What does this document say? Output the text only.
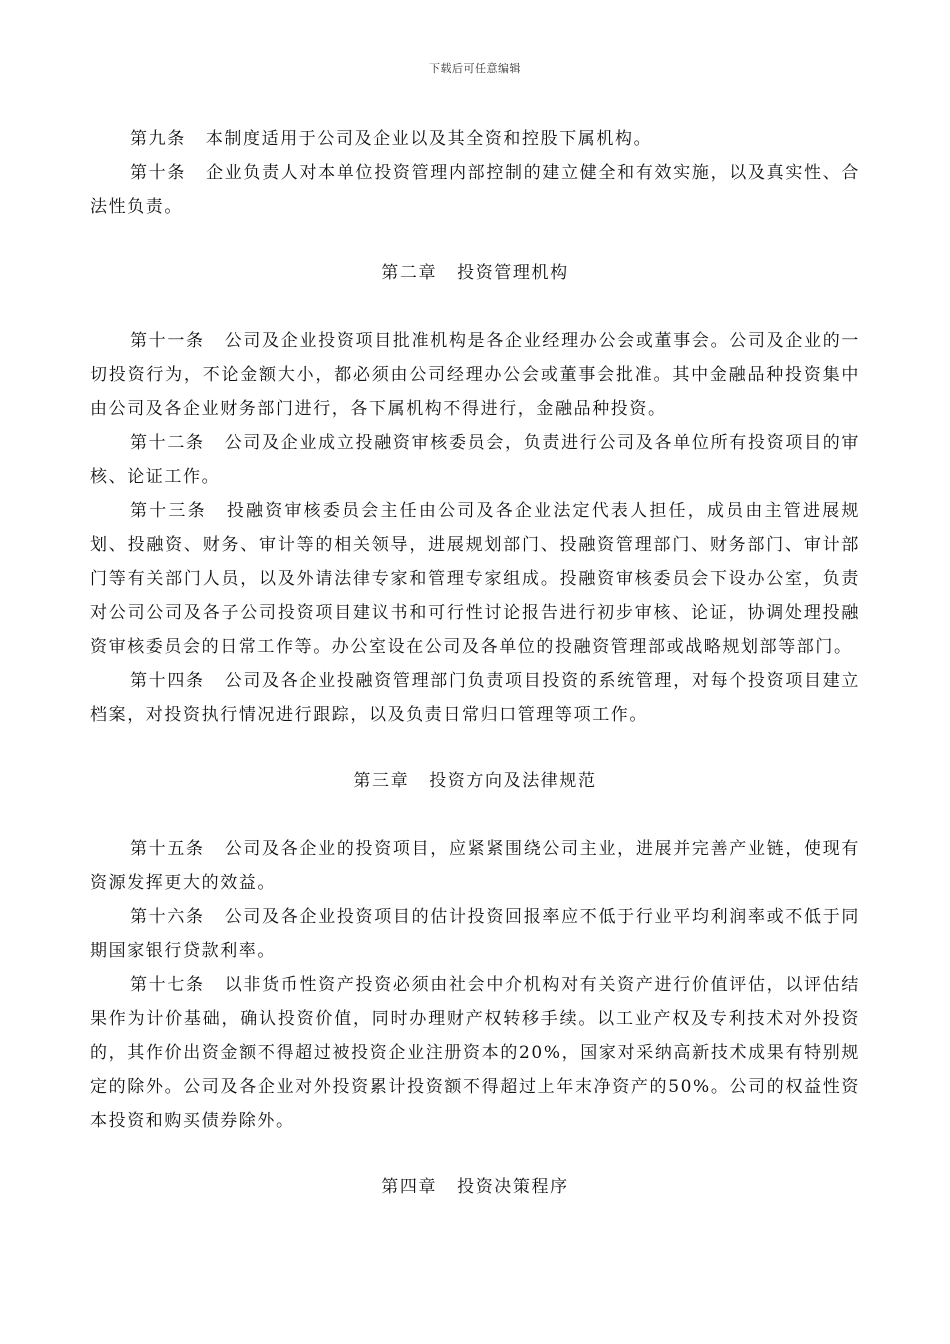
下载后可任意编辑

第九条 本制度适用于公司及企业以及其全资和控股下属机构。

第十条 企业负责人对本单位投资管理内部控制的建立健全和有效实施，以及真实性、合法性负责。

第二章 投资管理机构

第十一条 公司及企业投资项目批准机构是各企业经理办公会或董事会。公司及企业的一切投资行为，不论金额大小，都必须由公司经理办公会或董事会批准。其中金融品种投资集中由公司及各企业财务部门进行，各下属机构不得进行，金融品种投资。

第十二条 公司及企业成立投融资审核委员会，负责进行公司及各单位所有投资项目的审核、论证工作。

第十三条 投融资审核委员会主任由公司及各企业法定代表人担任，成员由主管进展规划、投融资、财务、审计等的相关领导，进展规划部门、投融资管理部门、财务部门、审计部门等有关部门人员，以及外请法律专家和管理专家组成。投融资审核委员会下设办公室，负责对公司公司及各子公司投资项目建议书和可行性讨论报告进行初步审核、论证，协调处理投融资审核委员会的日常工作等。办公室设在公司及各单位的投融资管理部或战略规划部等部门。

第十四条 公司及各企业投融资管理部门负责项目投资的系统管理，对每个投资项目建立档案，对投资执行情况进行跟踪，以及负责日常归口管理等项工作。

第三章 投资方向及法律规范

第十五条 公司及各企业的投资项目，应紧紧围绕公司主业，进展并完善产业链，使现有资源发挥更大的效益。

第十六条 公司及各企业投资项目的估计投资回报率应不低于行业平均利润率或不低于同期国家银行贷款利率。

第十七条 以非货币性资产投资必须由社会中介机构对有关资产进行价值评估，以评估结果作为计价基础，确认投资价值，同时办理财产权转移手续。以工业产权及专利技术对外投资的，其作价出资金额不得超过被投资企业注册资本的20%，国家对采纳高新技术成果有特别规定的除外。公司及各企业对外投资累计投资额不得超过上年末净资产的50%。公司的权益性资本投资和购买债券除外。

第四章 投资决策程序
